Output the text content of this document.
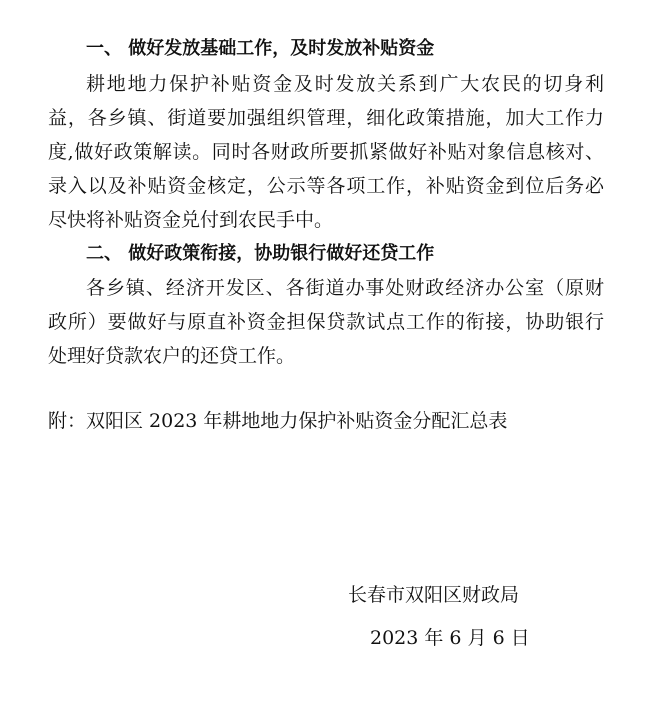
一、 做好发放基础工作，及时发放补贴资金
耕地地力保护补贴资金及时发放关系到广大农民的切身利
益，各乡镇、街道要加强组织管理，细化政策措施，加大工作力
度,做好政策解读。同时各财政所要抓紧做好补贴对象信息核对、
录入以及补贴资金核定，公示等各项工作，补贴资金到位后务必
尽快将补贴资金兑付到农民手中。
二、 做好政策衔接，协助银行做好还贷工作
各乡镇、经济开发区、各街道办事处财政经济办公室（原财
政所）要做好与原直补资金担保贷款试点工作的衔接，协助银行
处理好贷款农户的还贷工作。
附：双阳区 2023 年耕地地力保护补贴资金分配汇总表
长春市双阳区财政局
2023 年 6 月 6 日
